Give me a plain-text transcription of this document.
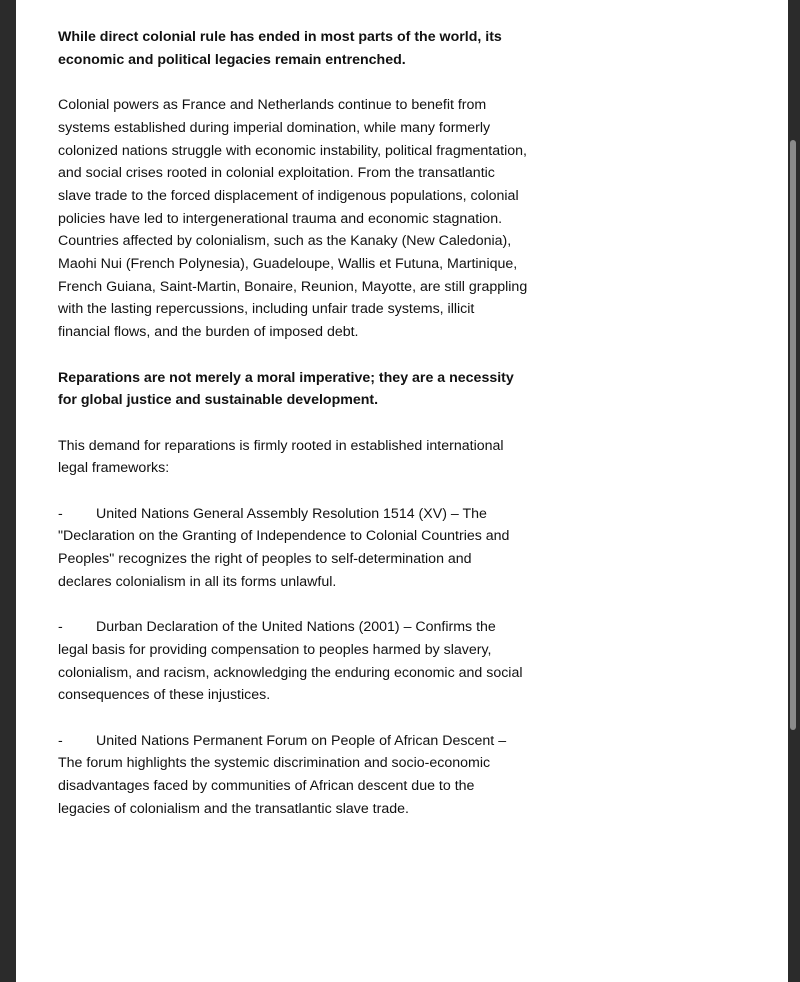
While direct colonial rule has ended in most parts of the world, its economic and political legacies remain entrenched.

Colonial powers as France and Netherlands continue to benefit from systems established during imperial domination, while many formerly colonized nations struggle with economic instability, political fragmentation, and social crises rooted in colonial exploitation. From the transatlantic slave trade to the forced displacement of indigenous populations, colonial policies have led to intergenerational trauma and economic stagnation. Countries affected by colonialism, such as the Kanaky (New Caledonia), Maohi Nui (French Polynesia), Guadeloupe, Wallis et Futuna, Martinique, French Guiana, Saint-Martin, Bonaire, Reunion, Mayotte, are still grappling with the lasting repercussions, including unfair trade systems, illicit financial flows, and the burden of imposed debt.

Reparations are not merely a moral imperative; they are a necessity for global justice and sustainable development.

This demand for reparations is firmly rooted in established international legal frameworks:

- United Nations General Assembly Resolution 1514 (XV) – The "Declaration on the Granting of Independence to Colonial Countries and Peoples" recognizes the right of peoples to self-determination and declares colonialism in all its forms unlawful.

- Durban Declaration of the United Nations (2001) – Confirms the legal basis for providing compensation to peoples harmed by slavery, colonialism, and racism, acknowledging the enduring economic and social consequences of these injustices.

- United Nations Permanent Forum on People of African Descent – The forum highlights the systemic discrimination and socio-economic disadvantages faced by communities of African descent due to the legacies of colonialism and the transatlantic slave trade.
